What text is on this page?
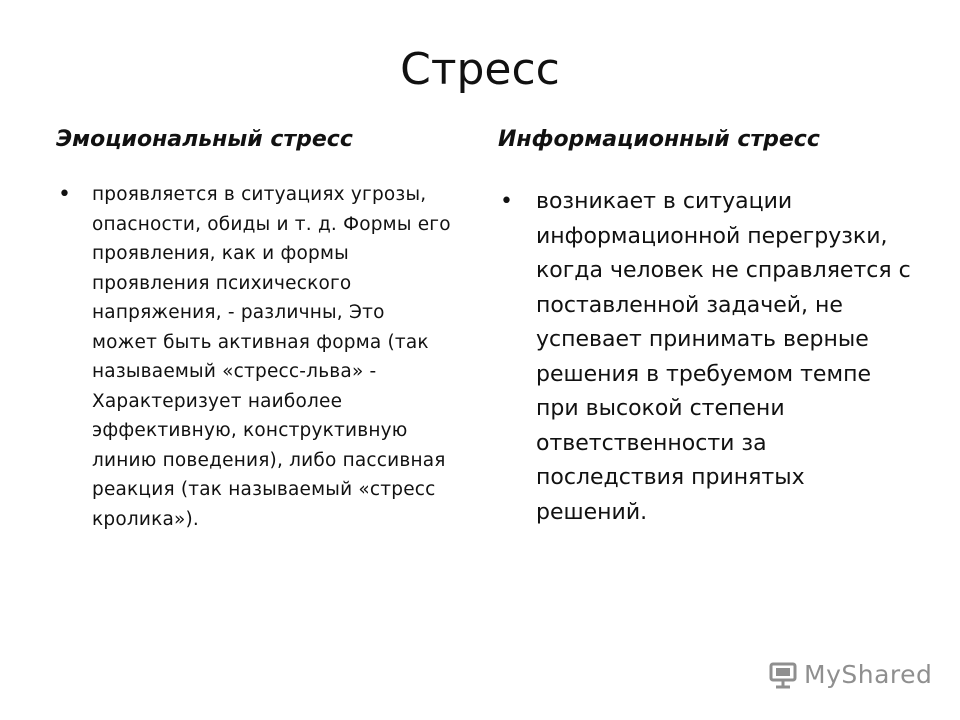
Стресс
Эмоциональный стресс	Информационный стресс
•	проявляется в ситуациях угрозы, опасности, обиды и т. д. Формы его проявления, как и формы проявления психического напряжения, - различны, Это может быть активная форма (так называемый «стресс-льва» - Характеризует наиболее эффективную, конструктивную линию поведения), либо пассивная реакция (так называемый «стресс кролика»).
•	возникает в ситуации информационной перегрузки, когда человек не справляется с поставленной задачей, не успевает принимать верные решения в требуемом темпе при высокой степени ответственности за последствия принятых решений.
MyShared
